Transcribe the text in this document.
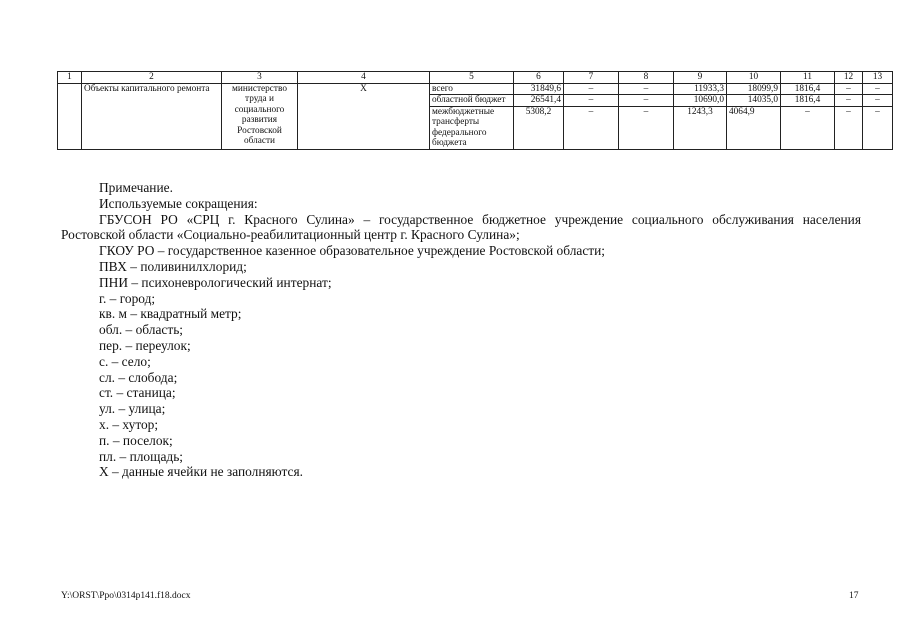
1	2	3	4	5	6	7	8	9	10	11	12	13
	Объекты капитального ремонта	министерство труда и социального развития Ростовской области	Х	всего	31849,6	–	–	11933,3	18099,9	1816,4	–	–
				областной бюджет	26541,4	–	–	10690,0	14035,0	1816,4	–	–
				межбюджетные трансферты федерального бюджета	5308,2	–	–	1243,3	4064,9	–	–	–

Примечание.

Используемые сокращения:

ГБУСОН РО «СРЦ г. Красного Сулина» – государственное бюджетное учреждение социального обслуживания населения Ростовской области «Социально-реабилитационный центр г. Красного Сулина»;

ГКОУ РО – государственное казенное образовательное учреждение Ростовской области;

ПВХ – поливинилхлорид;

ПНИ – психоневрологический интернат;

г. – город;

кв. м – квадратный метр;

обл. – область;

пер. – переулок;

с. – село;

сл. – слобода;

ст. – станица;

ул. – улица;

х. – хутор;

п. – поселок;

пл. – площадь;

Х – данные ячейки не заполняются.

Y:\ORST\Ppo\0314p141.f18.docx	17
